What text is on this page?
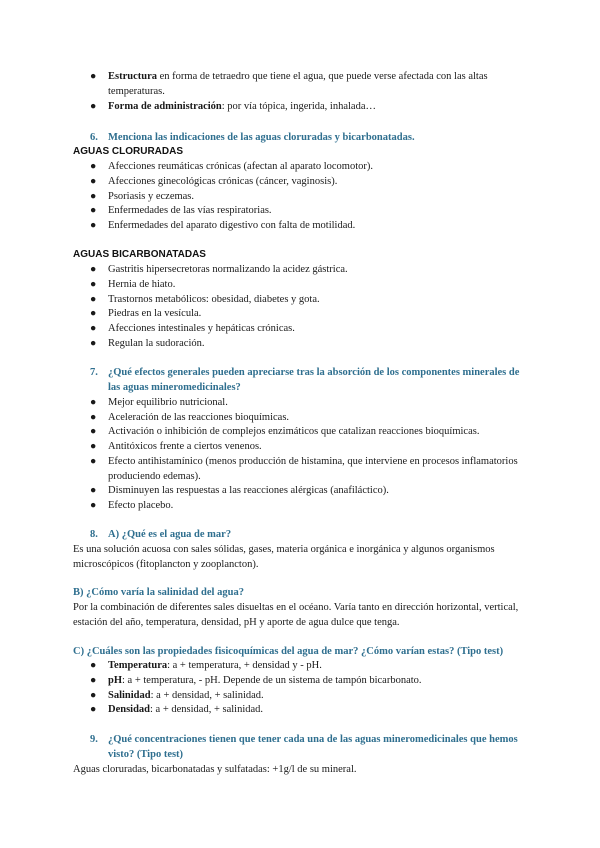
● Estructura en forma de tetraedro que tiene el agua, que puede verse afectada con las altas temperaturas.
● Forma de administración: por vía tópica, ingerida, inhalada…
6. Menciona las indicaciones de las aguas cloruradas y bicarbonatadas.
AGUAS CLORURADAS
● Afecciones reumáticas crónicas (afectan al aparato locomotor).
● Afecciones ginecológicas crónicas (cáncer, vaginosis).
● Psoriasis y eczemas.
● Enfermedades de las vías respiratorias.
● Enfermedades del aparato digestivo con falta de motilidad.
AGUAS BICARBONATADAS
● Gastritis hipersecretoras normalizando la acidez gástrica.
● Hernia de hiato.
● Trastornos metabólicos: obesidad, diabetes y gota.
● Piedras en la vesícula.
● Afecciones intestinales y hepáticas crónicas.
● Regulan la sudoración.
7. ¿Qué efectos generales pueden apreciarse tras la absorción de los componentes minerales de las aguas mineromedicinales?
● Mejor equilibrio nutricional.
● Aceleración de las reacciones bioquímicas.
● Activación o inhibición de complejos enzimáticos que catalizan reacciones bioquímicas.
● Antitóxicos frente a ciertos venenos.
● Efecto antihistamínico (menos producción de histamina, que interviene en procesos inflamatorios produciendo edemas).
● Disminuyen las respuestas a las reacciones alérgicas (anafiláctico).
● Efecto placebo.
8. A) ¿Qué es el agua de mar?
Es una solución acuosa con sales sólidas, gases, materia orgánica e inorgánica y algunos organismos microscópicos (fitoplancton y zooplancton).
B) ¿Cómo varía la salinidad del agua?
Por la combinación de diferentes sales disueltas en el océano. Varía tanto en dirección horizontal, vertical, estación del año, temperatura, densidad, pH y aporte de agua dulce que tenga.
C) ¿Cuáles son las propiedades fisicoquímicas del agua de mar? ¿Cómo varían estas? (Tipo test)
● Temperatura: a + temperatura, + densidad y - pH.
● pH: a + temperatura, - pH. Depende de un sistema de tampón bicarbonato.
● Salinidad: a + densidad, + salinidad.
● Densidad: a + densidad, + salinidad.
9. ¿Qué concentraciones tienen que tener cada una de las aguas mineromedicinales que hemos visto? (Tipo test)
Aguas cloruradas, bicarbonatadas y sulfatadas: +1g/l de su mineral.
